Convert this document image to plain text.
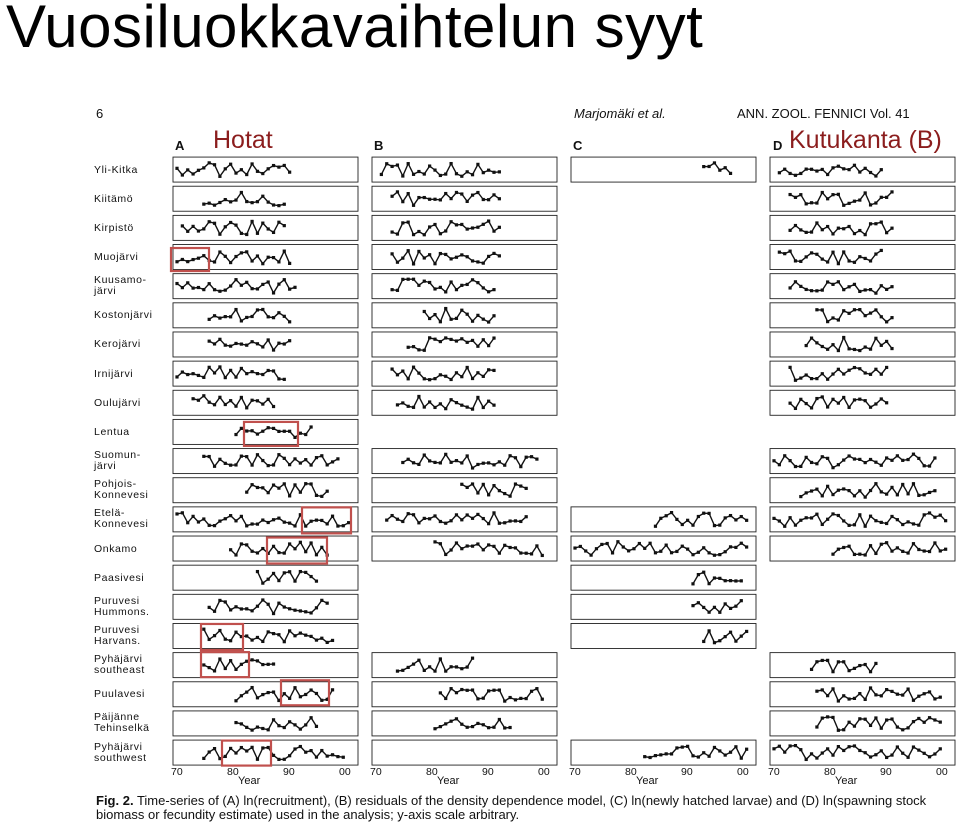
Vuosiluokkavaihtelun syyt
Hotat	Kutukanta (B)
6	Marjomäki et al.	ANN. ZOOL. FENNICI Vol. 41
A	B	C	D
Yli-Kitka
Kiitämö
Kirpistö
Muojärvi
Kuusamo-
järvi
Kostonjärvi
Kerojärvi
Irnijärvi
Oulujärvi
Lentua
Suomun-
järvi
Pohjois-
Konnevesi
Etelä-
Konnevesi
Onkamo
Paasivesi
Puruvesi
Hummons.
Puruvesi
Harvans.
Pyhäjärvi
southeast
Puulavesi
Päijänne
Tehinselkä
Pyhäjärvi
southwest
70	80	90	00
Year
70	80	90	00
Year
70	80	90	00
Year
70	80	90	00
Year
Fig. 2. Time-series of (A) ln(recruitment), (B) residuals of the density dependence model, (C) ln(newly hatched larvae) and (D) ln(spawning stock biomass or fecundity estimate) used in the analysis; y-axis scale arbitrary.
